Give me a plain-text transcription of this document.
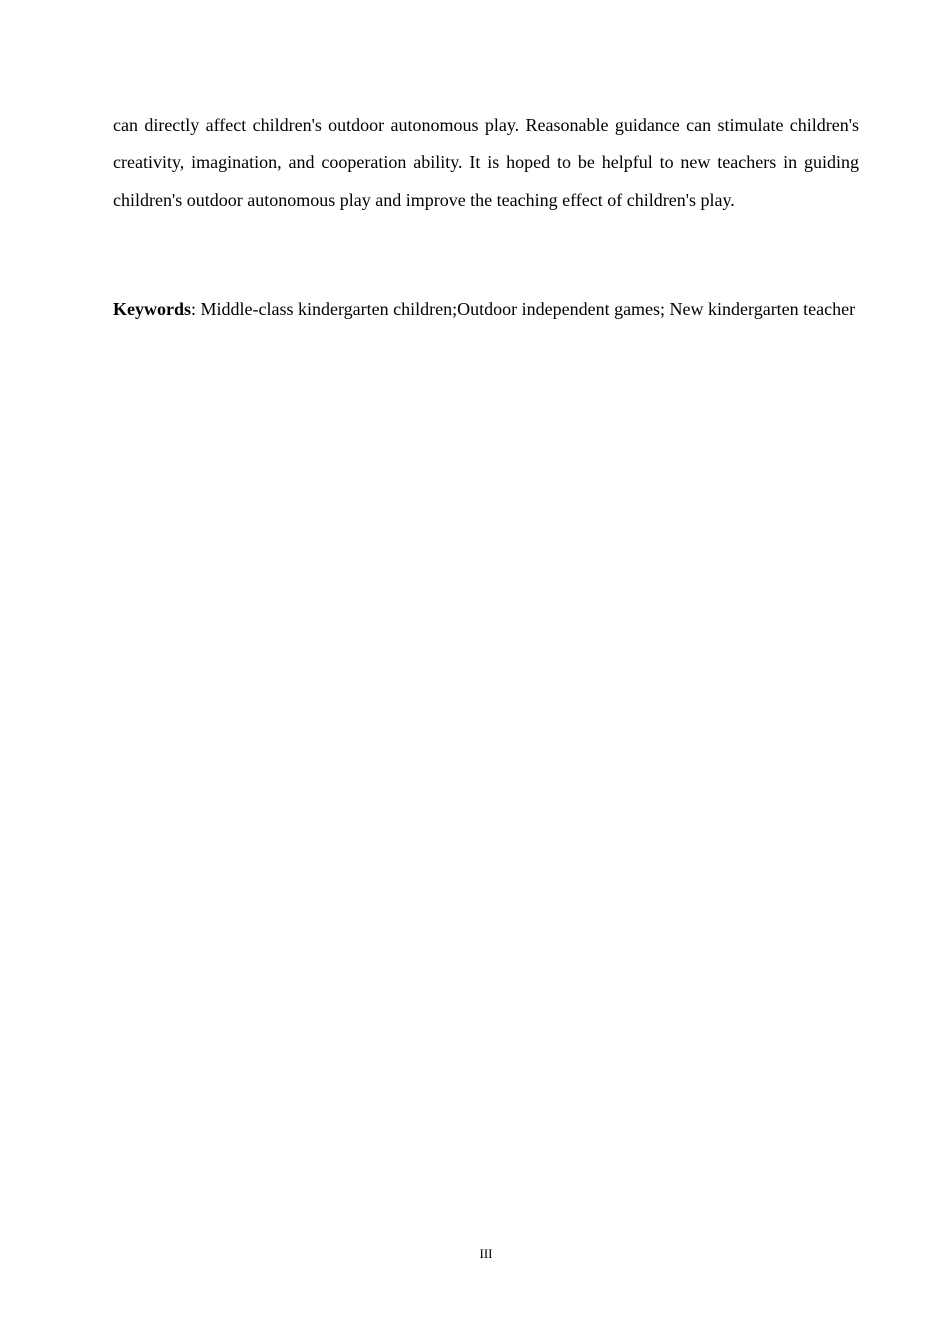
can directly affect children's outdoor autonomous play. Reasonable guidance can stimulate children's creativity, imagination, and cooperation ability. It is hoped to be helpful to new teachers in guiding children's outdoor autonomous play and improve the teaching effect of children's play.

Keywords: Middle-class kindergarten children;Outdoor independent games; New kindergarten teacher

III
